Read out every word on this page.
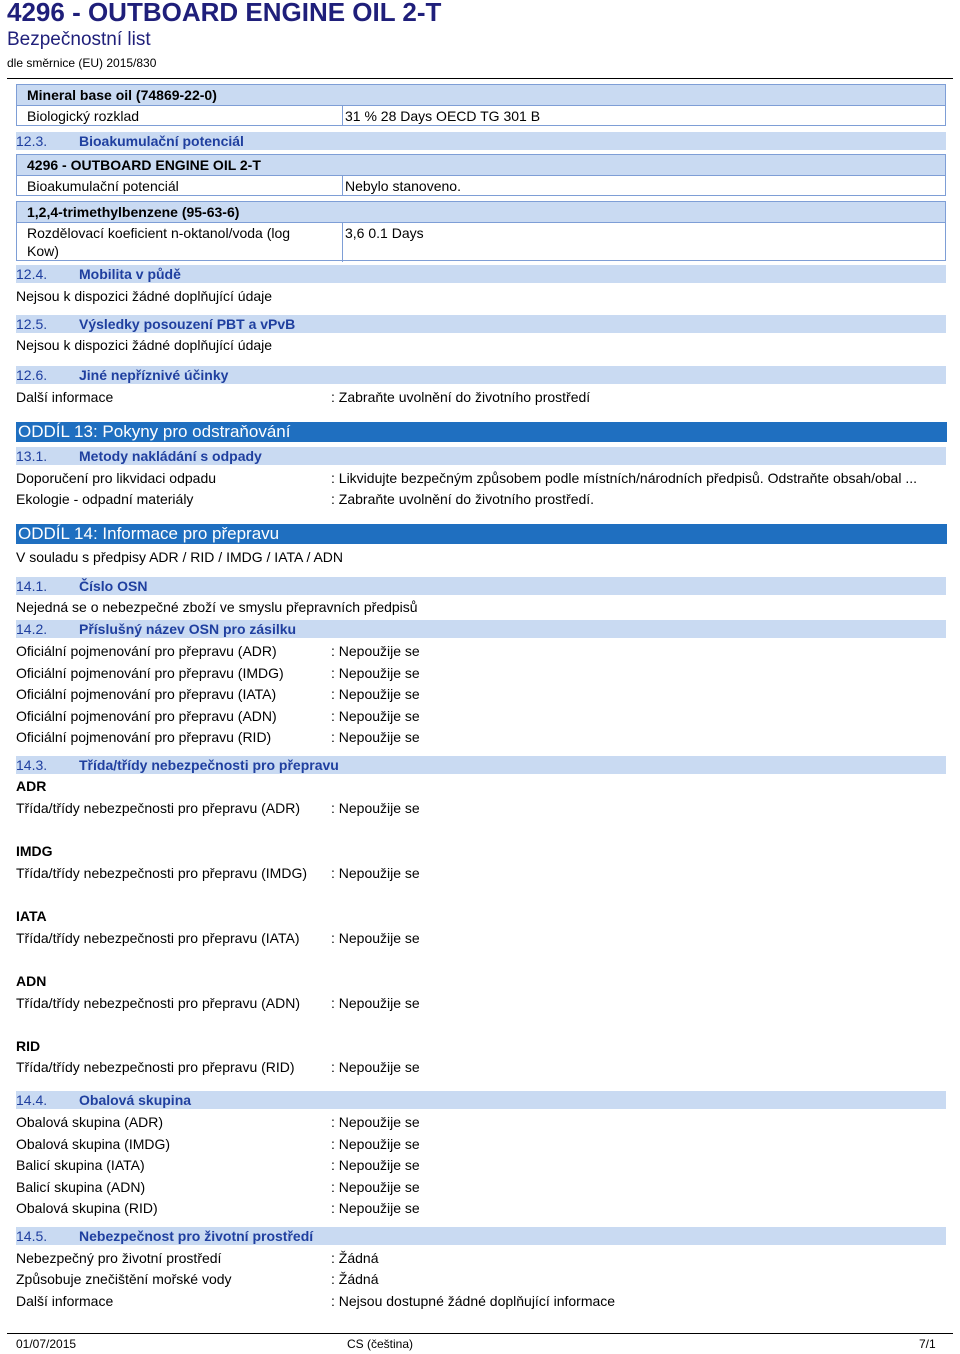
4296 - OUTBOARD ENGINE OIL 2-T
Bezpečnostní list
dle směrnice (EU) 2015/830
Mineral base oil (74869-22-0)
Biologický rozklad	31 % 28 Days OECD TG 301 B
12.3. Bioakumulační potenciál
4296 - OUTBOARD ENGINE OIL 2-T
Bioakumulační potenciál	Nebylo stanoveno.
1,2,4-trimethylbenzene (95-63-6)
Rozdělovací koeficient n-oktanol/voda (log
Kow)
3,6 0.1 Days
12.4. Mobilita v půdě
Nejsou k dispozici žádné doplňující údaje
12.5. Výsledky posouzení PBT a vPvB
Nejsou k dispozici žádné doplňující údaje
12.6. Jiné nepříznivé účinky
Další informace	: Zabraňte uvolnění do životního prostředí
ODDÍL 13: Pokyny pro odstraňování
13.1. Metody nakládání s odpady
Doporučení pro likvidaci odpadu	: Likvidujte bezpečným způsobem podle místních/národních předpisů. Odstraňte obsah/obal ...
Ekologie - odpadní materiály	: Zabraňte uvolnění do životního prostředí.
ODDÍL 14: Informace pro přepravu
V souladu s předpisy ADR / RID / IMDG / IATA / ADN
14.1. Číslo OSN
Nejedná se o nebezpečné zboží ve smyslu přepravních předpisů
14.2. Příslušný název OSN pro zásilku
Oficiální pojmenování pro přepravu (ADR)	: Nepoužije se
Oficiální pojmenování pro přepravu (IMDG)	: Nepoužije se
Oficiální pojmenování pro přepravu (IATA)	: Nepoužije se
Oficiální pojmenování pro přepravu (ADN)	: Nepoužije se
Oficiální pojmenování pro přepravu (RID)	: Nepoužije se
14.3. Třída/třídy nebezpečnosti pro přepravu
ADR
Třída/třídy nebezpečnosti pro přepravu (ADR) : Nepoužije se
IMDG
Třída/třídy nebezpečnosti pro přepravu (IMDG) : Nepoužije se
IATA
Třída/třídy nebezpečnosti pro přepravu (IATA) : Nepoužije se
ADN
Třída/třídy nebezpečnosti pro přepravu (ADN) : Nepoužije se
RID
Třída/třídy nebezpečnosti pro přepravu (RID)	: Nepoužije se
14.4. Obalová skupina
Obalová skupina (ADR)	: Nepoužije se
Obalová skupina (IMDG)	: Nepoužije se
Balicí skupina (IATA)	: Nepoužije se
Balicí skupina (ADN)	: Nepoužije se
Obalová skupina (RID)	: Nepoužije se
14.5. Nebezpečnost pro životní prostředí
Nebezpečný pro životní prostředí	: Žádná
Způsobuje znečištění mořské vody	: Žádná
Další informace	: Nejsou dostupné žádné doplňující informace
01/07/2015	CS (čeština)	7/1
